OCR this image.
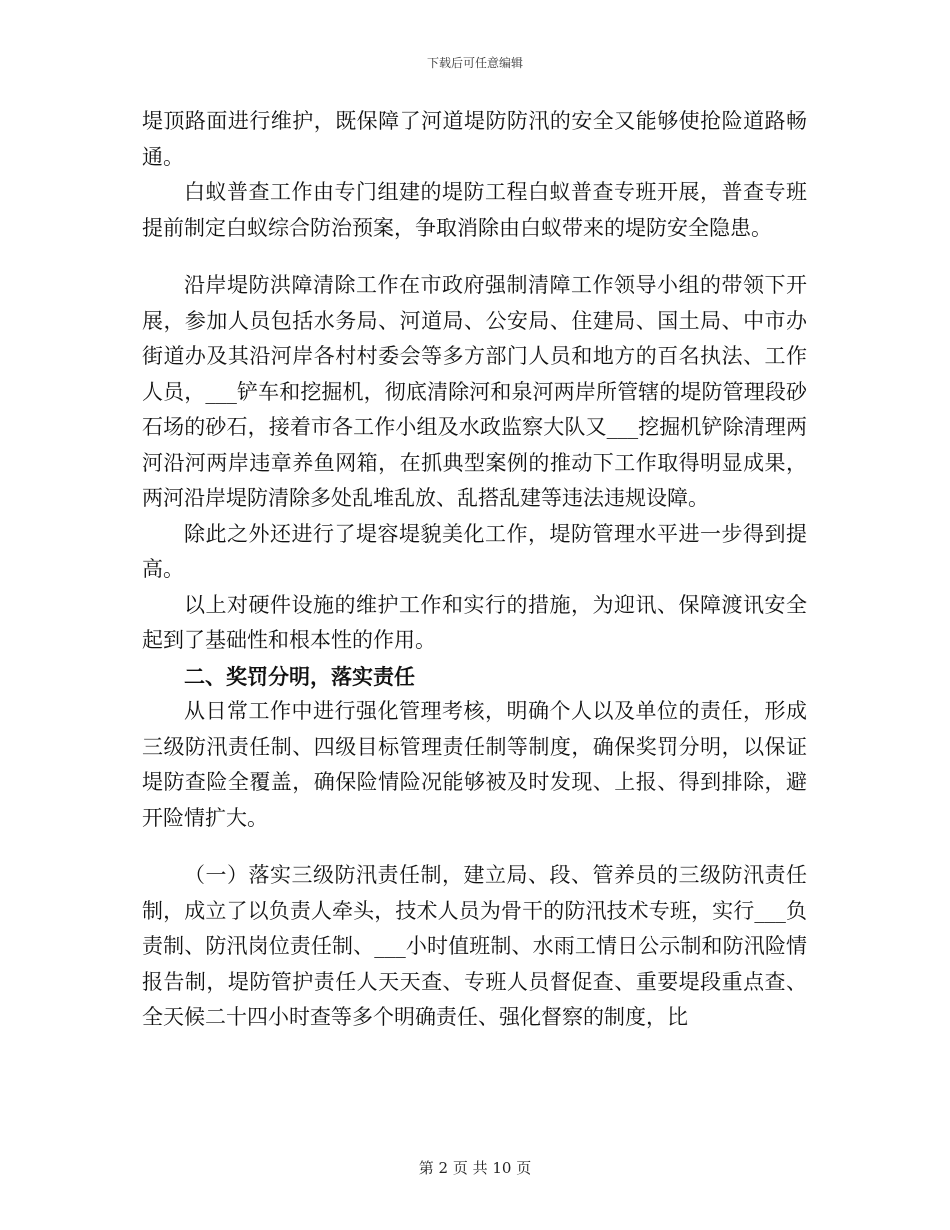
下载后可任意编辑

堤顶路面进行维护，既保障了河道堤防防汛的安全又能够使抢险道路畅通。

白蚁普查工作由专门组建的堤防工程白蚁普查专班开展，普查专班提前制定白蚁综合防治预案，争取消除由白蚁带来的堤防安全隐患。

沿岸堤防洪障清除工作在市政府强制清障工作领导小组的带领下开展，参加人员包括水务局、河道局、公安局、住建局、国土局、中市办街道办及其沿河岸各村村委会等多方部门人员和地方的百名执法、工作人员，___铲车和挖掘机，彻底清除河和泉河两岸所管辖的堤防管理段砂石场的砂石，接着市各工作小组及水政监察大队又___挖掘机铲除清理两河沿河两岸违章养鱼网箱，在抓典型案例的推动下工作取得明显成果，两河沿岸堤防清除多处乱堆乱放、乱搭乱建等违法违规设障。

除此之外还进行了堤容堤貌美化工作，堤防管理水平进一步得到提高。

以上对硬件设施的维护工作和实行的措施，为迎讯、保障渡讯安全起到了基础性和根本性的作用。

二、奖罚分明，落实责任

从日常工作中进行强化管理考核，明确个人以及单位的责任，形成三级防汛责任制、四级目标管理责任制等制度，确保奖罚分明，以保证堤防查险全覆盖，确保险情险况能够被及时发现、上报、得到排除，避开险情扩大。

（一）落实三级防汛责任制，建立局、段、管养员的三级防汛责任制，成立了以负责人牵头，技术人员为骨干的防汛技术专班，实行___负责制、防汛岗位责任制、___小时值班制、水雨工情日公示制和防汛险情报告制，堤防管护责任人天天查、专班人员督促查、重要堤段重点查、全天候二十四小时查等多个明确责任、强化督察的制度，比

第 2 页 共 10 页
